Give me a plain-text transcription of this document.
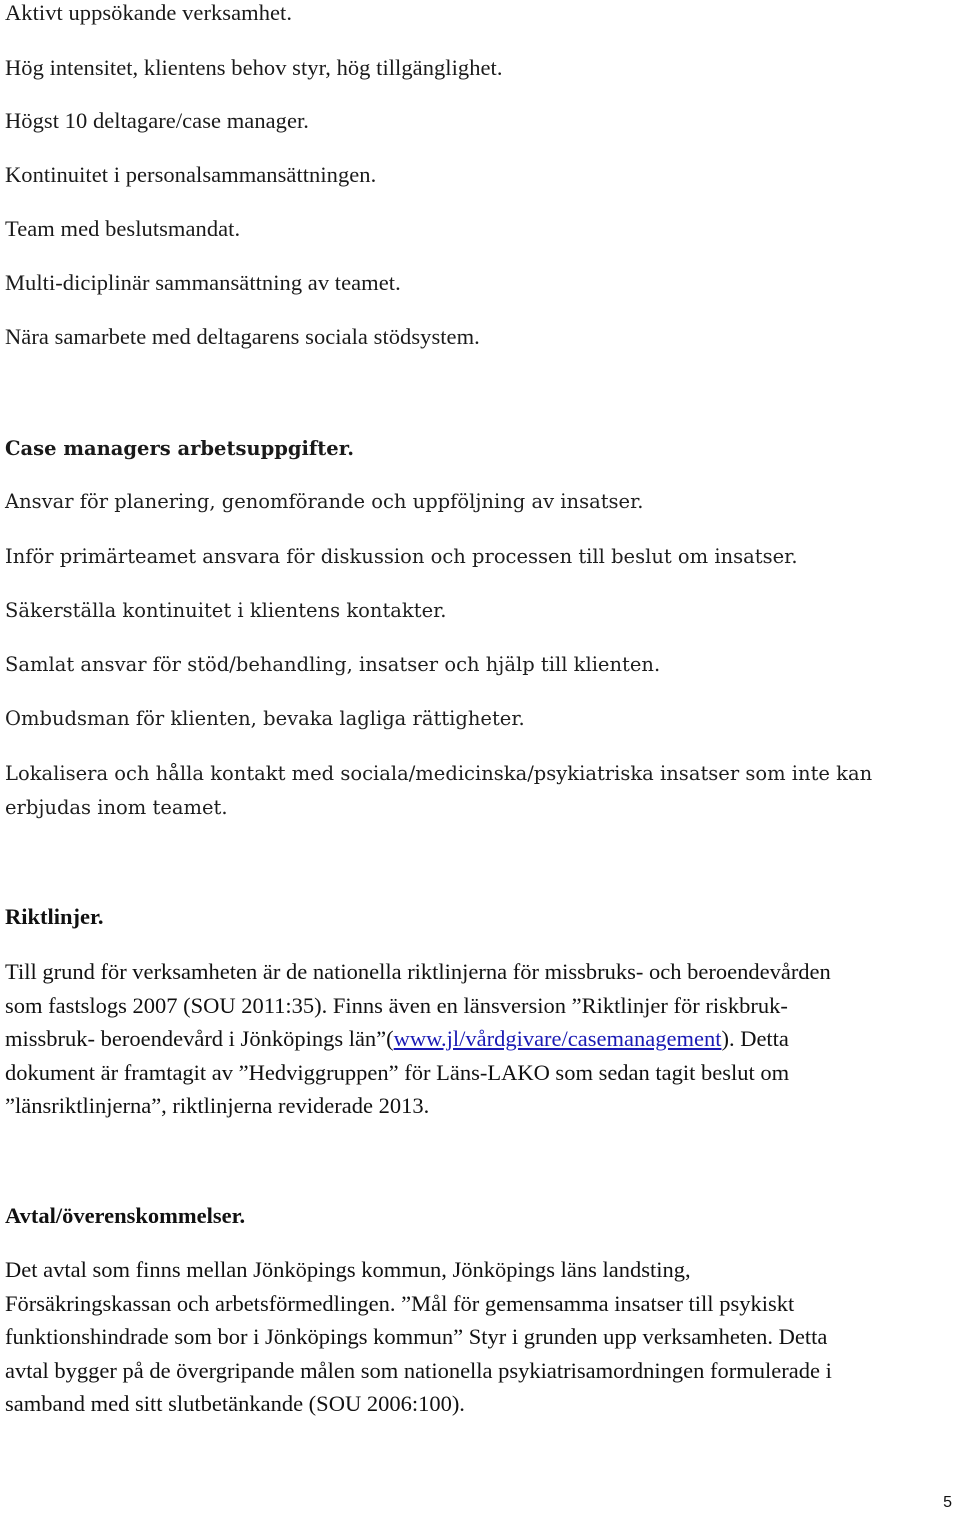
Aktivt uppsökande verksamhet.

Hög intensitet, klientens behov styr, hög tillgänglighet.

Högst 10 deltagare/case manager.

Kontinuitet i personalsammansättningen.

Team med beslutsmandat.

Multi-diciplinär sammansättning av teamet.

Nära samarbete med deltagarens sociala stödsystem.

Case managers arbetsuppgifter.

Ansvar för planering, genomförande och uppföljning av insatser.

Inför primärteamet ansvara för diskussion och processen till beslut om insatser.

Säkerställa kontinuitet i klientens kontakter.

Samlat ansvar för stöd/behandling, insatser och hjälp till klienten.

Ombudsman för klienten, bevaka lagliga rättigheter.

Lokalisera och hålla kontakt med sociala/medicinska/psykiatriska insatser som inte kan

erbjudas inom teamet.

Riktlinjer.

Till grund för verksamheten är de nationella riktlinjerna för missbruks- och beroendevården
som fastslogs 2007 (SOU 2011:35). Finns även en länsversion ”Riktlinjer för riskbruk-
missbruk- beroendevård i Jönköpings län”(www.jl/vårdgivare/casemanagement). Detta
dokument är framtagit av ”Hedviggruppen” för Läns-LAKO som sedan tagit beslut om
”länsriktlinjerna”, riktlinjerna reviderade 2013.

Avtal/överenskommelser.

Det avtal som finns mellan Jönköpings kommun, Jönköpings läns landsting,
Försäkringskassan och arbetsförmedlingen. ”Mål för gemensamma insatser till psykiskt
funktionshindrade som bor i Jönköpings kommun” Styr i grunden upp verksamheten. Detta
avtal bygger på de övergripande målen som nationella psykiatrisamordningen formulerade i
samband med sitt slutbetänkande (SOU 2006:100).
5
